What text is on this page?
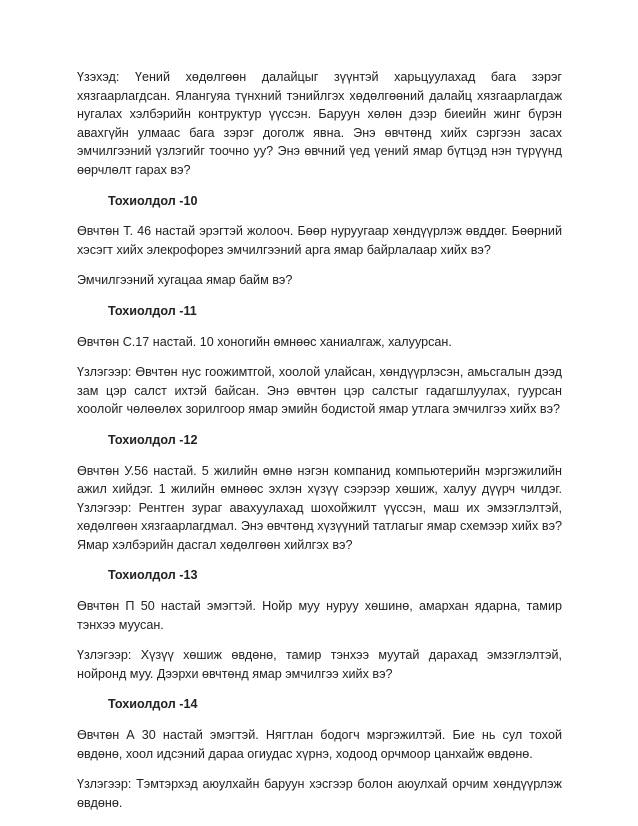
Үзэхэд: Үений хөдөлгөөн далайцыг зүүнтэй харьцуулахад бага зэрэг хязгаарлагдсан. Ялангуяа түнхний тэнийлгэх хөдөлгөөний далайц хязгаарлагдаж нугалах хэлбэрийн контруктур үүссэн. Баруун хөлөн дээр биеийн жинг бүрэн авахгүйн улмаас бага зэрэг доголж явна. Энэ өвчтөнд хийх сэргээн засах эмчилгээний үзлэгийг тоочно уу? Энэ өвчний үед үений ямар бүтцэд нэн түрүүнд өөрчлөлт гарах вэ?

Тохиолдол -10

Өвчтөн Т. 46 настай эрэгтэй жолооч. Бөөр нуруугаар хөндүүрлэж өвддөг. Бөөрний хэсэгт хийх элекрофорез эмчилгээний арга ямар байрлалаар хийх вэ?

Эмчилгээний хугацаа ямар байм вэ?

Тохиолдол -11

Өвчтөн С.17 настай. 10 хоногийн өмнөөс ханиалгаж, халуурсан.

Үзлэгээр: Өвчтөн нус гоожимтгой, хоолой улайсан, хөндүүрлэсэн, амьсгалын дээд зам цэр салст ихтэй байсан. Энэ өвчтөн цэр салстыг гадагшлуулах, гуурсан хоолойг чөлөөлөх зорилгоор ямар эмийн бодистой ямар утлага эмчилгээ хийх вэ?

Тохиолдол -12

Өвчтөн У.56 настай. 5 жилийн өмнө нэгэн компанид компьютерийн мэргэжилийн ажил хийдэг. 1 жилийн өмнөөс эхлэн хүзүү сээрээр хөшиж, халуу дүүрч чилдэг. Үзлэгээр: Рентген зураг авахуулахад шохойжилт үүссэн, маш их эмзэглэлтэй, хөдөлгөөн хязгаарлагдмал. Энэ өвчтөнд хүзүүний татлагыг ямар схемээр хийх вэ? Ямар хэлбэрийн дасгал хөдөлгөөн хийлгэх вэ?

Тохиолдол -13

Өвчтөн П 50 настай эмэгтэй. Нойр муу нуруу хөшинө, амархан ядарна, тамир тэнхээ муусан.

Үзлэгээр: Хүзүү хөшиж өвдөнө, тамир тэнхээ муутай дарахад эмзэглэлтэй, нойронд муу. Дээрхи өвчтөнд ямар эмчилгээ хийх вэ?

Тохиолдол -14

Өвчтөн А 30 настай эмэгтэй. Нягтлан бодогч мэргэжилтэй. Бие нь сул тохой өвдөнө, хоол идсэний дараа огиудас хүрнэ, ходоод орчмоор цанхайж өвдөнө.

Үзлэгээр: Тэмтэрхэд аюулхайн баруун хэсгээр болон аюулхай орчим хөндүүрлэж өвдөнө.
